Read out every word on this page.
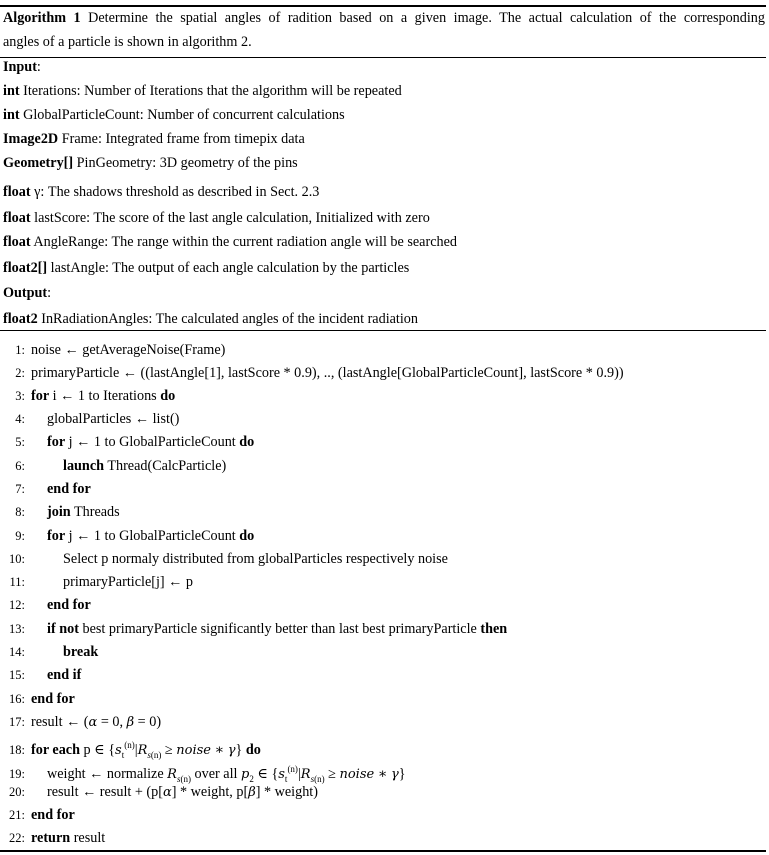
Algorithm 1 Determine the spatial angles of radition based on a given image. The actual calculation of the corresponding
angles of a particle is shown in algorithm 2.
Input:
int Iterations: Number of Iterations that the algorithm will be repeated
int GlobalParticleCount: Number of concurrent calculations
Image2D Frame: Integrated frame from timepix data
Geometry[] PinGeometry: 3D geometry of the pins
float γ: The shadows threshold as described in Sect. 2.3
float lastScore: The score of the last angle calculation, Initialized with zero
float AngleRange: The range within the current radiation angle will be searched
float2[] lastAngle: The output of each angle calculation by the particles
Output:
float2 InRadiationAngles: The calculated angles of the incident radiation
1: noise ← getAverageNoise(Frame)
2: primaryParticle ← ((lastAngle[1], lastScore * 0.9), .., (lastAngle[GlobalParticleCount], lastScore * 0.9))
3: for i ← 1 to Iterations do
4: globalParticles ← list()
5: for j ← 1 to GlobalParticleCount do
6:	launch Thread(CalcParticle)
7: end for
8: join Threads
9: for j ← 1 to GlobalParticleCount do
10:	Select p normaly distributed from globalParticles respectively noise
11:	primaryParticle[j] ← p
12: end for
13: if not best primaryParticle significantly better than last best primaryParticle then
14:	break
15: end if
16: end for
17: result ← (α = 0, β = 0)
18: for each p ∈ {$s_t^{(n)}|R_{s(n)}$ ≥ noise ∗ γ} do
19: weight ← normalize $R_{s(n)}$ over all $p_2$ ∈ {$s_t^{(n)}|R_{s(n)}$ ≥ noise ∗ γ}
20: result ← result + (p[α] * weight, p[β] * weight)
21: end for
22: return result
